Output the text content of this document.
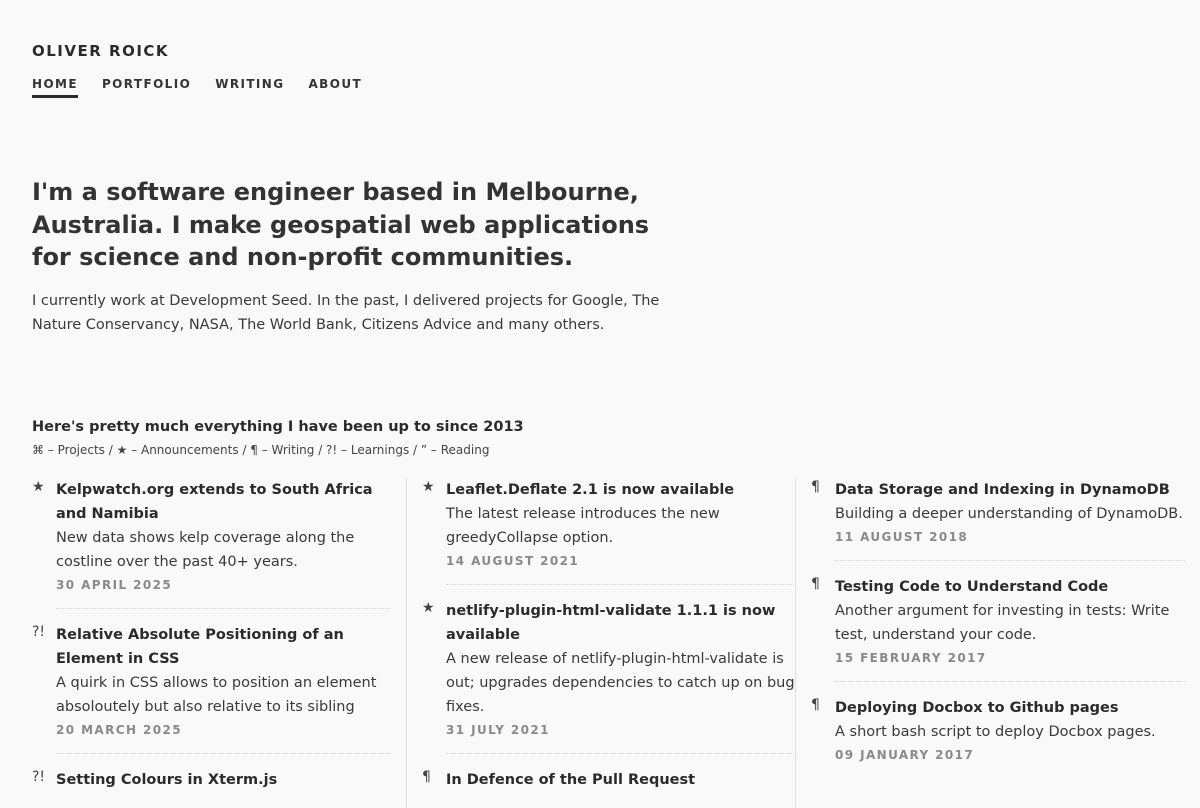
OLIVER ROICK
HOME PORTFOLIO WRITING ABOUT
I'm a software engineer based in Melbourne, Australia. I make geospatial web applications for science and non-profit communities.

I currently work at Development Seed. In the past, I delivered projects for Google, The Nature Conservancy, NASA, The World Bank, Citizens Advice and many others.

Here's pretty much everything I have been up to since 2013

⌘ – Projects / ★ – Announcements / ¶ – Writing / ?! – Learnings / ” – Reading

★ Kelpwatch.org extends to South Africa and Namibia

New data shows kelp coverage along the costline over the past 40+ years.

30 APRIL 2025

?! Relative Absolute Positioning of an Element in CSS

A quirk in CSS allows to position an element absoloutely but also relative to its sibling

20 MARCH 2025

?! Setting Colours in Xterm.js

★ Leaflet.Deflate 2.1 is now available

The latest release introduces the new greedyCollapse option.

14 AUGUST 2021

★ netlify-plugin-html-validate 1.1.1 is now available

A new release of netlify-plugin-html-validate is out; upgrades dependencies to catch up on bug fixes.

31 JULY 2021

¶	In Defence of the Pull Request

¶	Data Storage and Indexing in DynamoDB

Building a deeper understanding of DynamoDB.

11 AUGUST 2018

¶	Testing Code to Understand Code

Another argument for investing in tests: Write test, understand your code.

15 FEBRUARY 2017

¶	Deploying Docbox to Github pages

A short bash script to deploy Docbox pages.

09 JANUARY 2017
